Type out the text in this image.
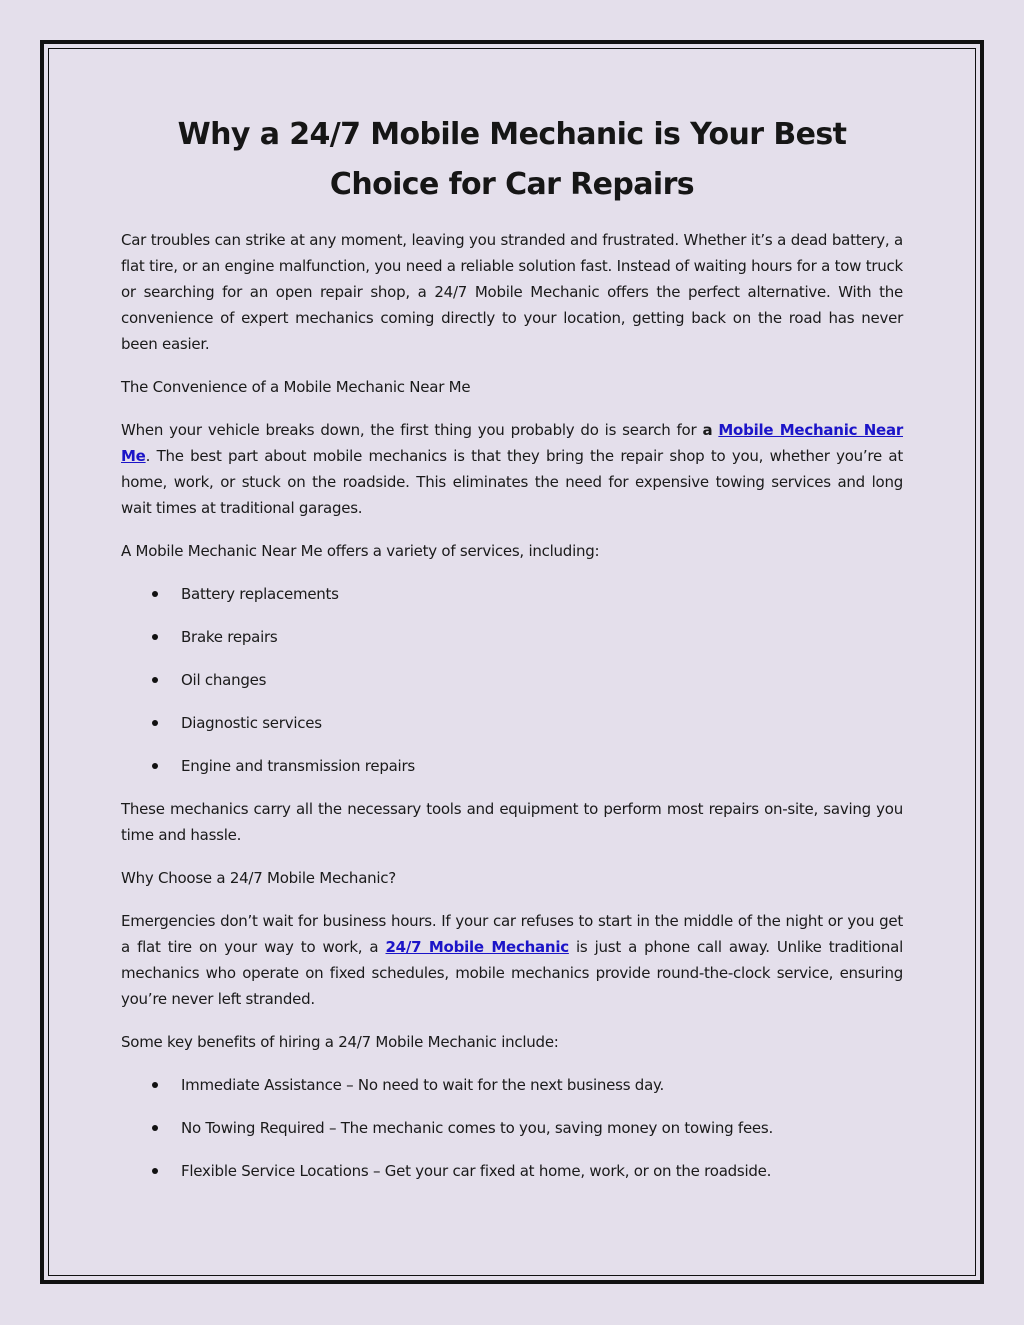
Why a 24/7 Mobile Mechanic is Your Best Choice for Car Repairs

Car troubles can strike at any moment, leaving you stranded and frustrated. Whether it’s a dead battery, a flat tire, or an engine malfunction, you need a reliable solution fast. Instead of waiting hours for a tow truck or searching for an open repair shop, a 24/7 Mobile Mechanic offers the perfect alternative. With the convenience of expert mechanics coming directly to your location, getting back on the road has never been easier.

The Convenience of a Mobile Mechanic Near Me

When your vehicle breaks down, the first thing you probably do is search for a Mobile Mechanic Near Me. The best part about mobile mechanics is that they bring the repair shop to you, whether you’re at home, work, or stuck on the roadside. This eliminates the need for expensive towing services and long wait times at traditional garages.

A Mobile Mechanic Near Me offers a variety of services, including:

Battery replacements
Brake repairs
Oil changes
Diagnostic services
Engine and transmission repairs

These mechanics carry all the necessary tools and equipment to perform most repairs on-site, saving you time and hassle.

Why Choose a 24/7 Mobile Mechanic?

Emergencies don’t wait for business hours. If your car refuses to start in the middle of the night or you get a flat tire on your way to work, a 24/7 Mobile Mechanic is just a phone call away. Unlike traditional mechanics who operate on fixed schedules, mobile mechanics provide round-the-clock service, ensuring you’re never left stranded.

Some key benefits of hiring a 24/7 Mobile Mechanic include:

Immediate Assistance – No need to wait for the next business day.
No Towing Required – The mechanic comes to you, saving money on towing fees.
Flexible Service Locations – Get your car fixed at home, work, or on the roadside.
